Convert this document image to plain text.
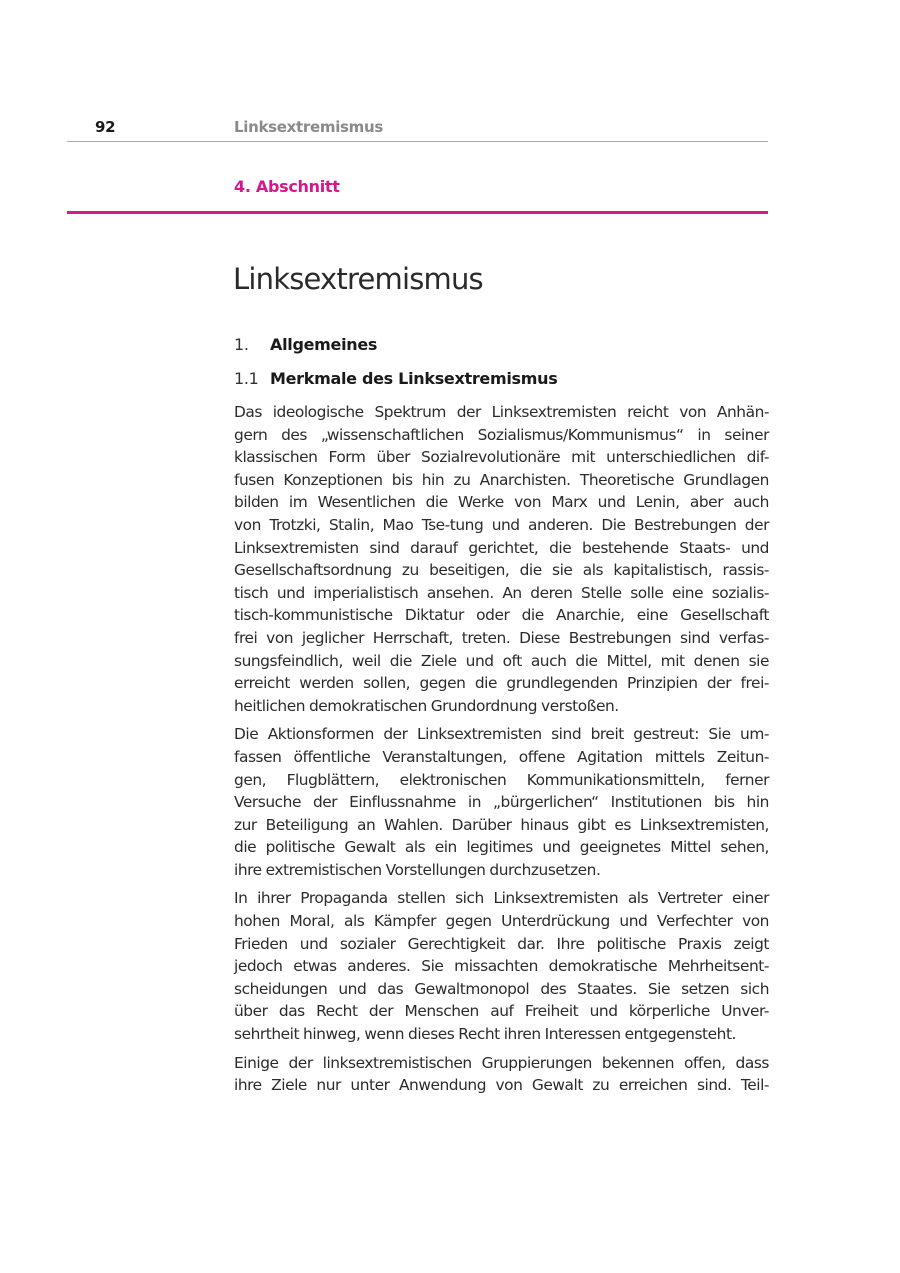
92	Linksextremismus
4. Abschnitt
Linksextremismus
1. Allgemeines
1.1 Merkmale des Linksextremismus

Das ideologische Spektrum der Linksextremisten reicht von Anhän-
gern des „wissenschaftlichen Sozialismus/Kommunismus“ in seiner
klassischen Form über Sozialrevolutionäre mit unterschiedlichen dif-
fusen Konzeptionen bis hin zu Anarchisten. Theoretische Grundlagen
bilden im Wesentlichen die Werke von Marx und Lenin, aber auch
von Trotzki, Stalin, Mao Tse-tung und anderen. Die Bestrebungen der
Linksextremisten sind darauf gerichtet, die bestehende Staats- und
Gesellschaftsordnung zu beseitigen, die sie als kapitalistisch, rassis-
tisch und imperialistisch ansehen. An deren Stelle solle eine sozialis-
tisch-kommunistische Diktatur oder die Anarchie, eine Gesellschaft
frei von jeglicher Herrschaft, treten. Diese Bestrebungen sind verfas-
sungsfeindlich, weil die Ziele und oft auch die Mittel, mit denen sie
erreicht werden sollen, gegen die grundlegenden Prinzipien der frei-
heitlichen demokratischen Grundordnung verstoßen.

Die Aktionsformen der Linksextremisten sind breit gestreut: Sie um-
fassen öffentliche Veranstaltungen, offene Agitation mittels Zeitun-
gen, Flugblättern, elektronischen Kommunikationsmitteln, ferner
Versuche der Einflussnahme in „bürgerlichen“ Institutionen bis hin
zur Beteiligung an Wahlen. Darüber hinaus gibt es Linksextremisten,
die politische Gewalt als ein legitimes und geeignetes Mittel sehen,
ihre extremistischen Vorstellungen durchzusetzen.

In ihrer Propaganda stellen sich Linksextremisten als Vertreter einer
hohen Moral, als Kämpfer gegen Unterdrückung und Verfechter von
Frieden und sozialer Gerechtigkeit dar. Ihre politische Praxis zeigt
jedoch etwas anderes. Sie missachten demokratische Mehrheitsent-
scheidungen und das Gewaltmonopol des Staates. Sie setzen sich
über das Recht der Menschen auf Freiheit und körperliche Unver-
sehrtheit hinweg, wenn dieses Recht ihren Interessen entgegensteht.

Einige der linksextremistischen Gruppierungen bekennen offen, dass
ihre Ziele nur unter Anwendung von Gewalt zu erreichen sind. Teil-
